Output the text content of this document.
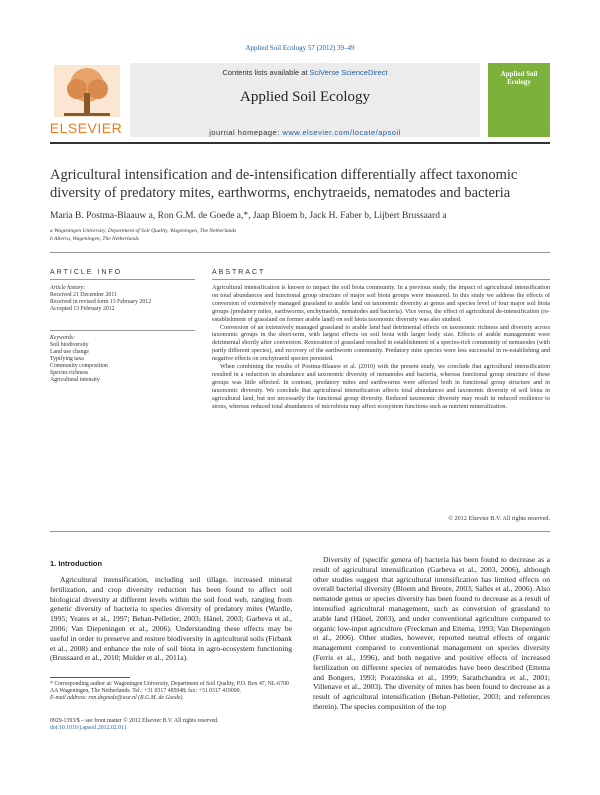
Applied Soil Ecology 57 (2012) 39–49
ELSEVIER
Contents lists available at SciVerse ScienceDirect
Applied Soil Ecology
journal homepage: www.elsevier.com/locate/apsoil
Applied Soil Ecology
Agricultural intensification and de-intensification differentially affect taxonomic diversity of predatory mites, earthworms, enchytraeids, nematodes and bacteria
Maria B. Postma-Blaauw a, Ron G.M. de Goede a,*, Jaap Bloem b, Jack H. Faber b, Lijbert Brussaard a
a Wageningen University, Department of Soil Quality, Wageningen, The Netherlands
b Alterra, Wageningen, The Netherlands
ARTICLE INFO
Article history:
Received 21 December 2011
Received in revised form 13 February 2012
Accepted 13 February 2012
Keywords:
Soil biodiversity
Land use change
Typifying taxa
Community composition
Species richness
Agricultural intensity
ABSTRACT

Agricultural intensification is known to impact the soil biota community. In a previous study, the impact of agricultural intensification on total abundances and functional group structure of major soil biota groups were measured. In this study we address the effects of conversion of extensively managed grassland to arable land on taxonomic diversity at genus and species level of four major soil biota groups (predatory mites, earthworms, enchytraeids, nematodes and bacteria). Vice versa, the effect of agricultural de-intensification (re-establishment of grassland on former arable land) on soil biota taxonomic diversity was also studied.

Conversion of an extensively managed grassland to arable land had detrimental effects on taxonomic richness and diversity across taxonomic groups in the short-term, with largest effects on soil biota with larger body size. Effects of arable management were detrimental shortly after conversion. Restoration of grassland resulted in establishment of a species-rich community of nematodes (with partly different species), and recovery of the earthworm community. Predatory mite species were less successful in re-establishing and negative effects on enchytraeid species persisted.

When combining the results of Postma-Blaauw et al. (2010) with the present study, we conclude that agricultural intensification resulted in a reduction in abundance and taxonomic diversity of nematodes and bacteria, whereas functional group structure of these groups was little affected. In contrast, predatory mites and earthworms were affected both in functional group structure and in taxonomic diversity. We conclude that agricultural intensification affects total abundances and taxonomic diversity of soil biota in agricultural land, but not necessarily the functional group diversity. Reduced taxonomic diversity may result in reduced resilience to stress, whereas reduced total abundances of microbiota may affect ecosystem functions such as nutrient mineralization.

© 2012 Elsevier B.V. All rights reserved.
1. Introduction

Agricultural intensification, including soil tillage, increased mineral fertilization, and crop diversity reduction has been found to affect soil biological diversity at different levels within the soil food web, ranging from genetic diversity of bacteria to species diversity of predatory mites (Wardle, 1995; Yeates et al., 1997; Behan-Pelletier, 2003; Hänel, 2003; Garbeva et al., 2006; Van Diepeningen et al., 2006). Understanding these effects may be useful in order to preserve and restore biodiversity in agricultural soils (Firbank et al., 2008) and enhance the role of soil biota in agro-ecosystem functioning (Brussaard et al., 2010; Mulder et al., 2011a).

Diversity of (specific genera of) bacteria has been found to decrease as a result of agricultural intensification (Garbeva et al., 2003, 2006), although other studies suggest that agricultural intensification has limited effects on overall bacterial diversity (Bloem and Breure, 2003; Salles et al., 2006). Also nematode genus or species diversity has been found to decrease as a result of intensified agricultural management, such as conversion of grassland to arable land (Hänel, 2003), and under conventional agriculture compared to organic low-input agriculture (Freckman and Ettema, 1993; Van Diepeningen et al., 2006). Other studies, however, reported neutral effects of organic management compared to conventional management on species diversity (Ferris et al., 1996), and both negative and positive effects of increased fertilization on different species of nematodes have been described (Ettema and Bongers, 1993; Porazinska et al., 1999; Sarathchandra et al., 2001; Villenave et al., 2003). The diversity of mites has been found to decrease as a result of agricultural intensification (Behan-Pelletier, 2003; and references therein). The species composition of the top

* Corresponding author at: Wageningen University, Department of Soil Quality, P.O. Box 47, NL-6700 AA Wageningen, The Netherlands. Tel.: +31 0317 485048; fax: +31 0317 419000.
E-mail address: ron.degoede@wur.nl (R.G.M. de Goede).
0929-1393/$ – see front matter © 2012 Elsevier B.V. All rights reserved.
doi:10.1016/j.apsoil.2012.02.011
